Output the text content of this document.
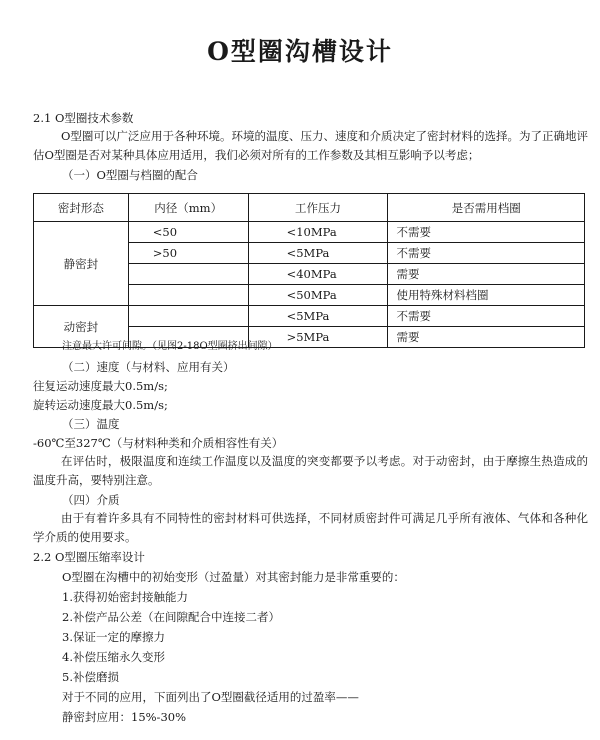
O型圈沟槽设计
2.1 O型圈技术参数
O型圈可以广泛应用于各种环境。环境的温度、压力、速度和介质决定了密封材料的选择。为了正确地评估O型圈是否对某种具体应用适用，我们必须对所有的工作参数及其相互影响予以考虑；
（一）O型圈与档圈的配合
密封形态	内径（mm）	工作压力	是否需用档圈
静密封	<50	<10MPa	不需要
	>50	<5MPa	不需要
		<40MPa	需要
		<50MPa	使用特殊材料档圈
动密封		<5MPa	不需要
		>5MPa	需要
注意最大许可间隙。（见图2-18O型圈挤出间隙）
（二）速度（与材料、应用有关）
往复运动速度最大0.5m/s;
旋转运动速度最大0.5m/s;
（三）温度
-60℃至327℃（与材料种类和介质相容性有关）
在评估时，极限温度和连续工作温度以及温度的突变都要予以考虑。对于动密封，由于摩擦生热造成的温度升高，要特别注意。
（四）介质
由于有着许多具有不同特性的密封材料可供选择，不同材质密封件可满足几乎所有液体、气体和各种化学介质的使用要求。
2.2 O型圈压缩率设计
O型圈在沟槽中的初始变形（过盈量）对其密封能力是非常重要的：
1.获得初始密封接触能力
2.补偿产品公差（在间隙配合中连接二者）
3.保证一定的摩擦力
4.补偿压缩永久变形
5.补偿磨损
对于不同的应用，下面列出了O型圈截径适用的过盈率——
静密封应用：15%-30%
